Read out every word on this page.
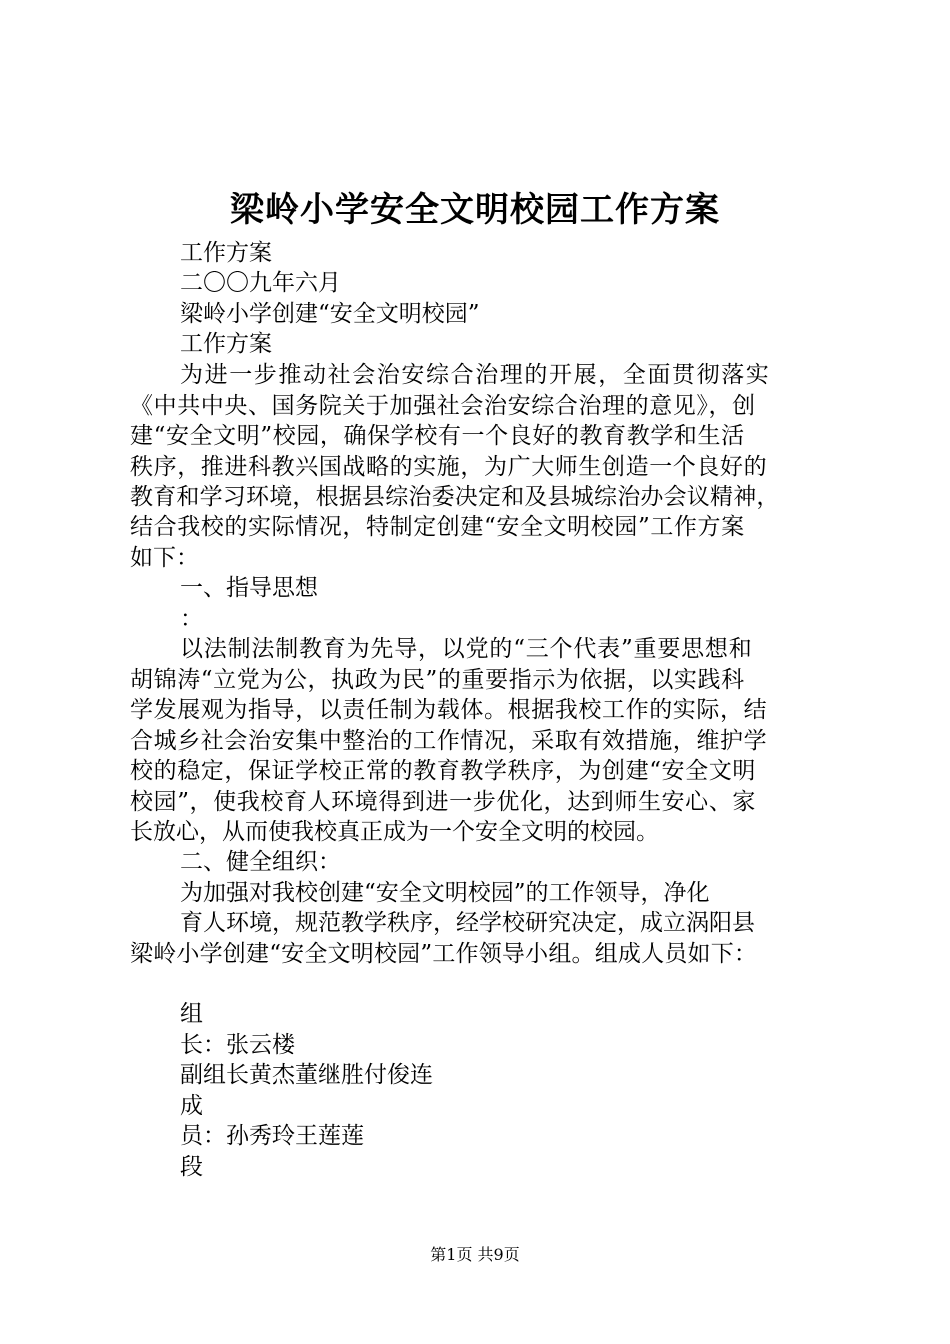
梁岭小学安全文明校园工作方案
工作方案
二〇〇九年六月
梁岭小学创建“安全文明校园”
工作方案
为进一步推动社会治安综合治理的开展，全面贯彻落实
《中共中央、国务院关于加强社会治安综合治理的意见》，创
建“安全文明”校园，确保学校有一个良好的教育教学和生活
秩序，推进科教兴国战略的实施，为广大师生创造一个良好的
教育和学习环境，根据县综治委决定和及县城综治办会议精神，
结合我校的实际情况，特制定创建“安全文明校园”工作方案
如下：
一、指导思想
：
以法制法制教育为先导，以党的“三个代表”重要思想和
胡锦涛“立党为公，执政为民”的重要指示为依据，以实践科
学发展观为指导，以责任制为载体。根据我校工作的实际，结
合城乡社会治安集中整治的工作情况，采取有效措施，维护学
校的稳定，保证学校正常的教育教学秩序，为创建“安全文明
校园”，使我校育人环境得到进一步优化，达到师生安心、家
长放心，从而使我校真正成为一个安全文明的校园。
二、健全组织：
为加强对我校创建“安全文明校园”的工作领导，净化
育人环境，规范教学秩序，经学校研究决定，成立涡阳县
梁岭小学创建“安全文明校园”工作领导小组。组成人员如下：
组
长：张云楼
副组长黄杰董继胜付俊连
成
员：孙秀玲王莲莲
段
第1页 共9页
